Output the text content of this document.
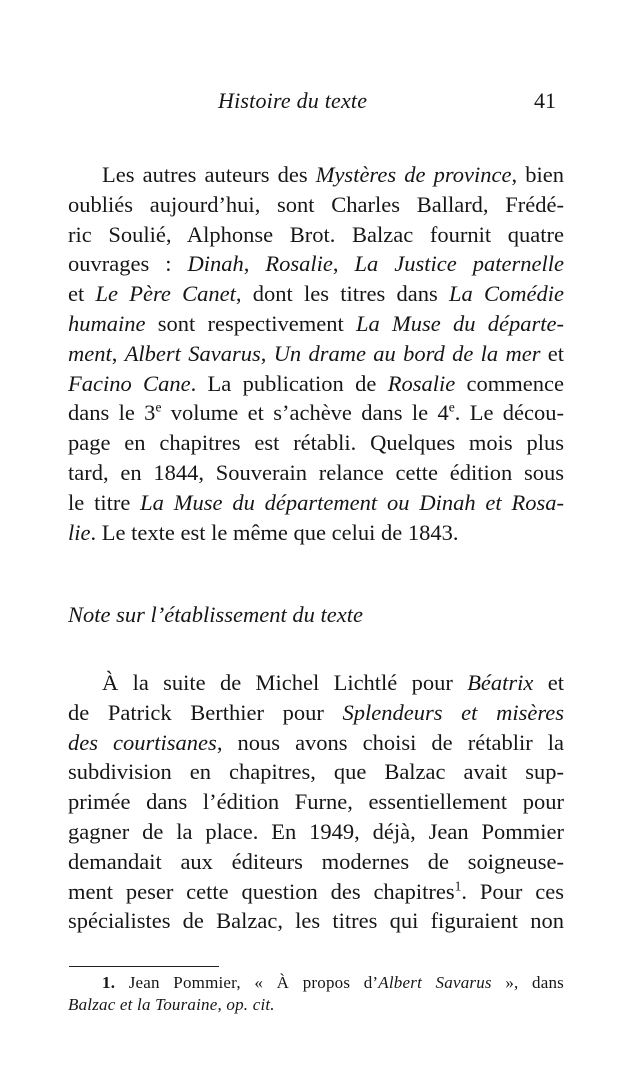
Histoire du texte	41
Les autres auteurs des Mystères de province, bien
oubliés aujourd’hui, sont Charles Ballard, Frédé-
ric Soulié, Alphonse Brot. Balzac fournit quatre
ouvrages : Dinah, Rosalie, La Justice paternelle
et Le Père Canet, dont les titres dans La Comédie
humaine sont respectivement La Muse du départe-
ment, Albert Savarus, Un drame au bord de la mer et
Facino Cane. La publication de Rosalie commence
dans le 3e volume et s’achève dans le 4e. Le décou-
page en chapitres est rétabli. Quelques mois plus
tard, en 1844, Souverain relance cette édition sous
le titre La Muse du département ou Dinah et Rosa-
lie. Le texte est le même que celui de 1843.
Note sur l’établissement du texte
À la suite de Michel Lichtlé pour Béatrix et
de Patrick Berthier pour Splendeurs et misères
des courtisanes, nous avons choisi de rétablir la
subdivision en chapitres, que Balzac avait sup-
primée dans l’édition Furne, essentiellement pour
gagner de la place. En 1949, déjà, Jean Pommier
demandait aux éditeurs modernes de soigneuse-
ment peser cette question des chapitres$^1$. Pour ces
spécialistes de Balzac, les titres qui figuraient non
1. Jean Pommier, « À propos d’Albert Savarus », dans
Balzac et la Touraine, op. cit.
